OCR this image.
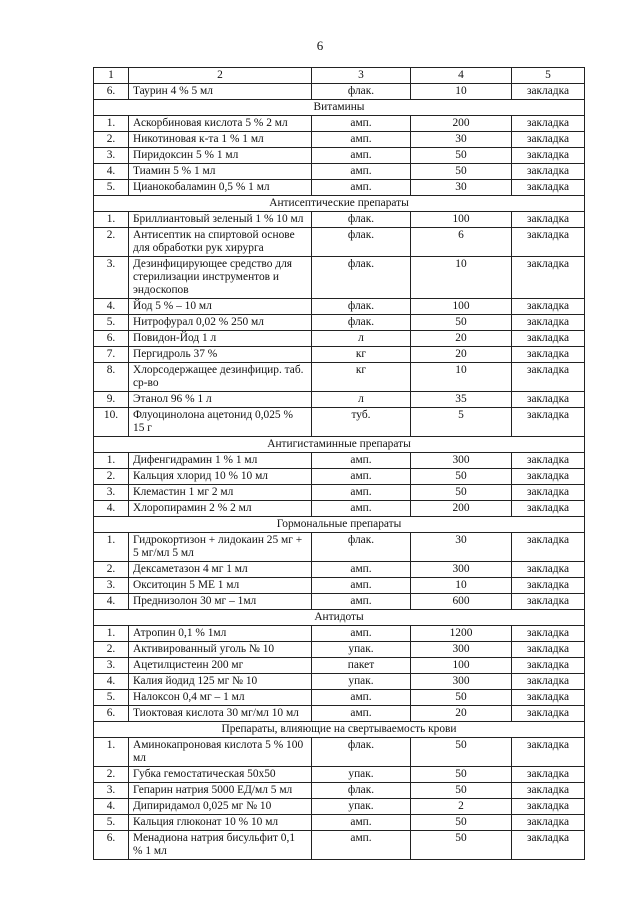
6
1	2	3	4	5
6.	Таурин 4 % 5 мл	флак.	10	закладка
Витамины				
1.	Аскорбиновая кислота 5 % 2 мл	амп.	200	закладка
2.	Никотиновая к-та 1 % 1 мл	амп.	30	закладка
3.	Пиридоксин 5 % 1 мл	амп.	50	закладка
4.	Тиамин 5 % 1 мл	амп.	50	закладка
5.	Цианокобаламин 0,5 % 1 мл	амп.	30	закладка
Антисептические препараты				
1.	Бриллиантовый зеленый 1 % 10 мл	флак.	100	закладка
2.	Антисептик на спиртовой основе для обработки рук хирурга	флак.	6	закладка
3.	Дезинфицирующее средство для стерилизации инструментов и эндоскопов	флак.	10	закладка
4.	Йод 5 % – 10 мл	флак.	100	закладка
5.	Нитрофурал 0,02 % 250 мл	флак.	50	закладка
6.	Повидон-Йод 1 л	л	20	закладка
7.	Пергидроль 37 %	кг	20	закладка
8.	Хлорсодержащее дезинфицир. таб. ср-во	кг	10	закладка
9.	Этанол 96 % 1 л	л	35	закладка
10.	Флуоцинолона ацетонид 0,025 % 15 г	туб.	5	закладка
Антигистаминные препараты				
1.	Дифенгидрамин 1 % 1 мл	амп.	300	закладка
2.	Кальция хлорид 10 % 10 мл	амп.	50	закладка
3.	Клемастин 1 мг 2 мл	амп.	50	закладка
4.	Хлоропирамин 2 % 2 мл	амп.	200	закладка
Гормональные препараты				
1.	Гидрокортизон + лидокаин 25 мг + 5 мг/мл 5 мл	флак.	30	закладка
2.	Дексаметазон 4 мг 1 мл	амп.	300	закладка
3.	Окситоцин 5 МЕ 1 мл	амп.	10	закладка
4.	Преднизолон 30 мг – 1мл	амп.	600	закладка
Антидоты				
1.	Атропин 0,1 % 1мл	амп.	1200	закладка
2.	Активированный уголь № 10	упак.	300	закладка
3.	Ацетилцистеин 200 мг	пакет	100	закладка
4.	Калия йодид 125 мг № 10	упак.	300	закладка
5.	Налоксон 0,4 мг – 1 мл	амп.	50	закладка
6.	Тиоктовая кислота 30 мг/мл 10 мл	амп.	20	закладка
Препараты, влияющие на свертываемость крови				
1.	Аминокапроновая кислота 5 % 100 мл	флак.	50	закладка
2.	Губка гемостатическая 50х50	упак.	50	закладка
3.	Гепарин натрия 5000 ЕД/мл 5 мл	флак.	50	закладка
4.	Дипиридамол 0,025 мг № 10	упак.	2	закладка
5.	Кальция глюконат 10 % 10 мл	амп.	50	закладка
6.	Менадиона натрия бисульфит 0,1 % 1 мл	амп.	50	закладка
